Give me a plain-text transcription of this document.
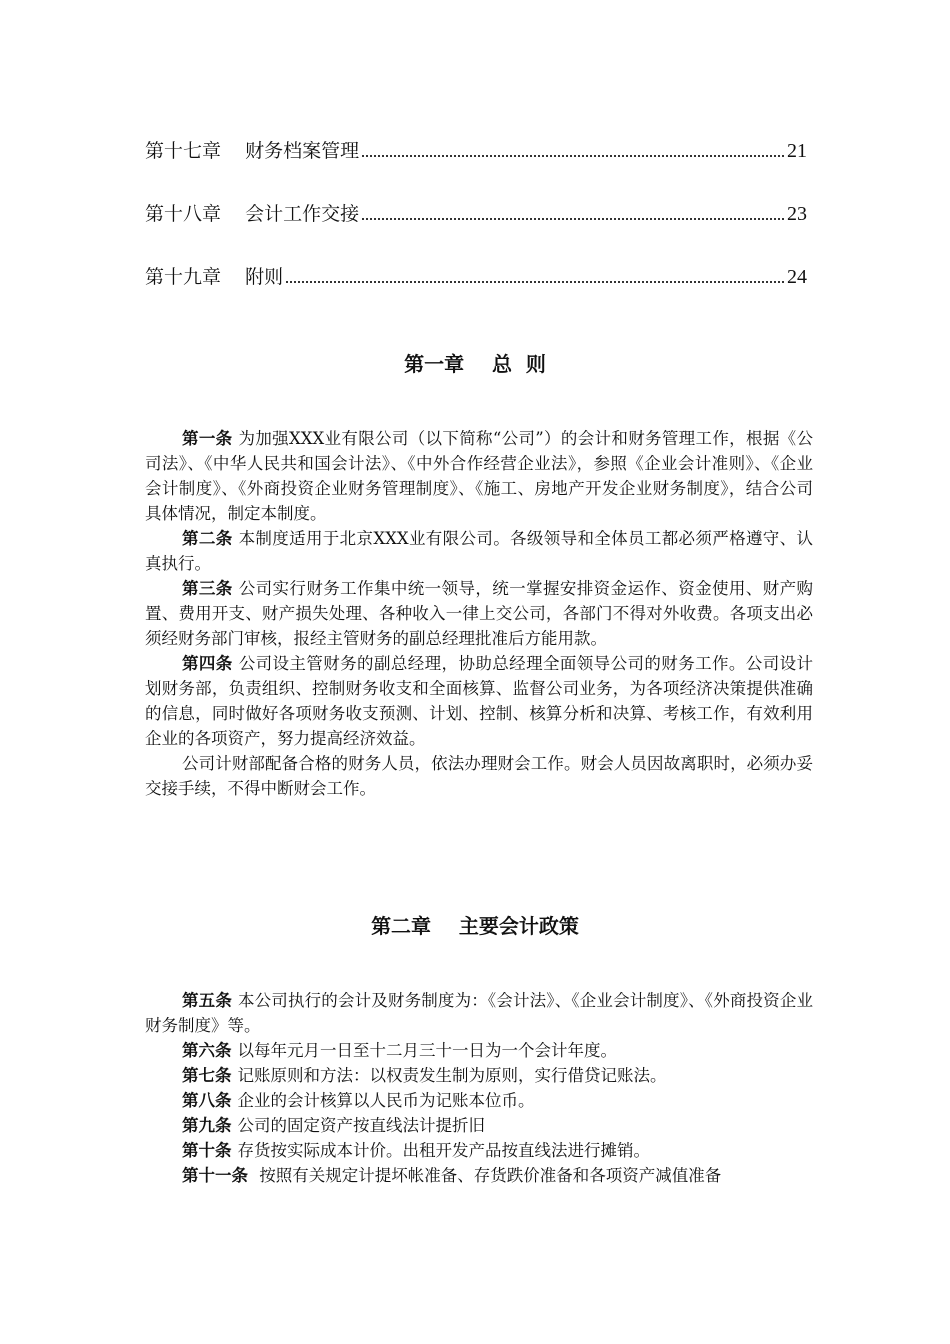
第十七章    财务档案管理	21
第十八章    会计工作交接	23
第十九章    附则	24
第一章    总  则

第一条 为加强XXX业有限公司（以下简称“公司”）的会计和财务管理工作，根据《公司法》、《中华人民共和国会计法》、《中外合作经营企业法》，参照《企业会计准则》、《企业会计制度》、《外商投资企业财务管理制度》、《施工、房地产开发企业财务制度》，结合公司具体情况，制定本制度。

第二条 本制度适用于北京XXX业有限公司。各级领导和全体员工都必须严格遵守、认真执行。

第三条 公司实行财务工作集中统一领导，统一掌握安排资金运作、资金使用、财产购置、费用开支、财产损失处理、各种收入一律上交公司，各部门不得对外收费。各项支出必须经财务部门审核，报经主管财务的副总经理批准后方能用款。

第四条 公司设主管财务的副总经理，协助总经理全面领导公司的财务工作。公司设计划财务部，负责组织、控制财务收支和全面核算、监督公司业务，为各项经济决策提供准确的信息，同时做好各项财务收支预测、计划、控制、核算分析和决算、考核工作，有效利用企业的各项资产，努力提高经济效益。

公司计财部配备合格的财务人员，依法办理财会工作。财会人员因故离职时，必须办妥交接手续，不得中断财会工作。

第二章    主要会计政策

第五条 本公司执行的会计及财务制度为：《会计法》、《企业会计制度》、《外商投资企业财务制度》等。

第六条 以每年元月一日至十二月三十一日为一个会计年度。

第七条 记账原则和方法：以权责发生制为原则，实行借贷记账法。

第八条 企业的会计核算以人民币为记账本位币。

第九条 公司的固定资产按直线法计提折旧

第十条 存货按实际成本计价。出租开发产品按直线法进行摊销。

第十一条 按照有关规定计提坏帐准备、存货跌价准备和各项资产减值准备
